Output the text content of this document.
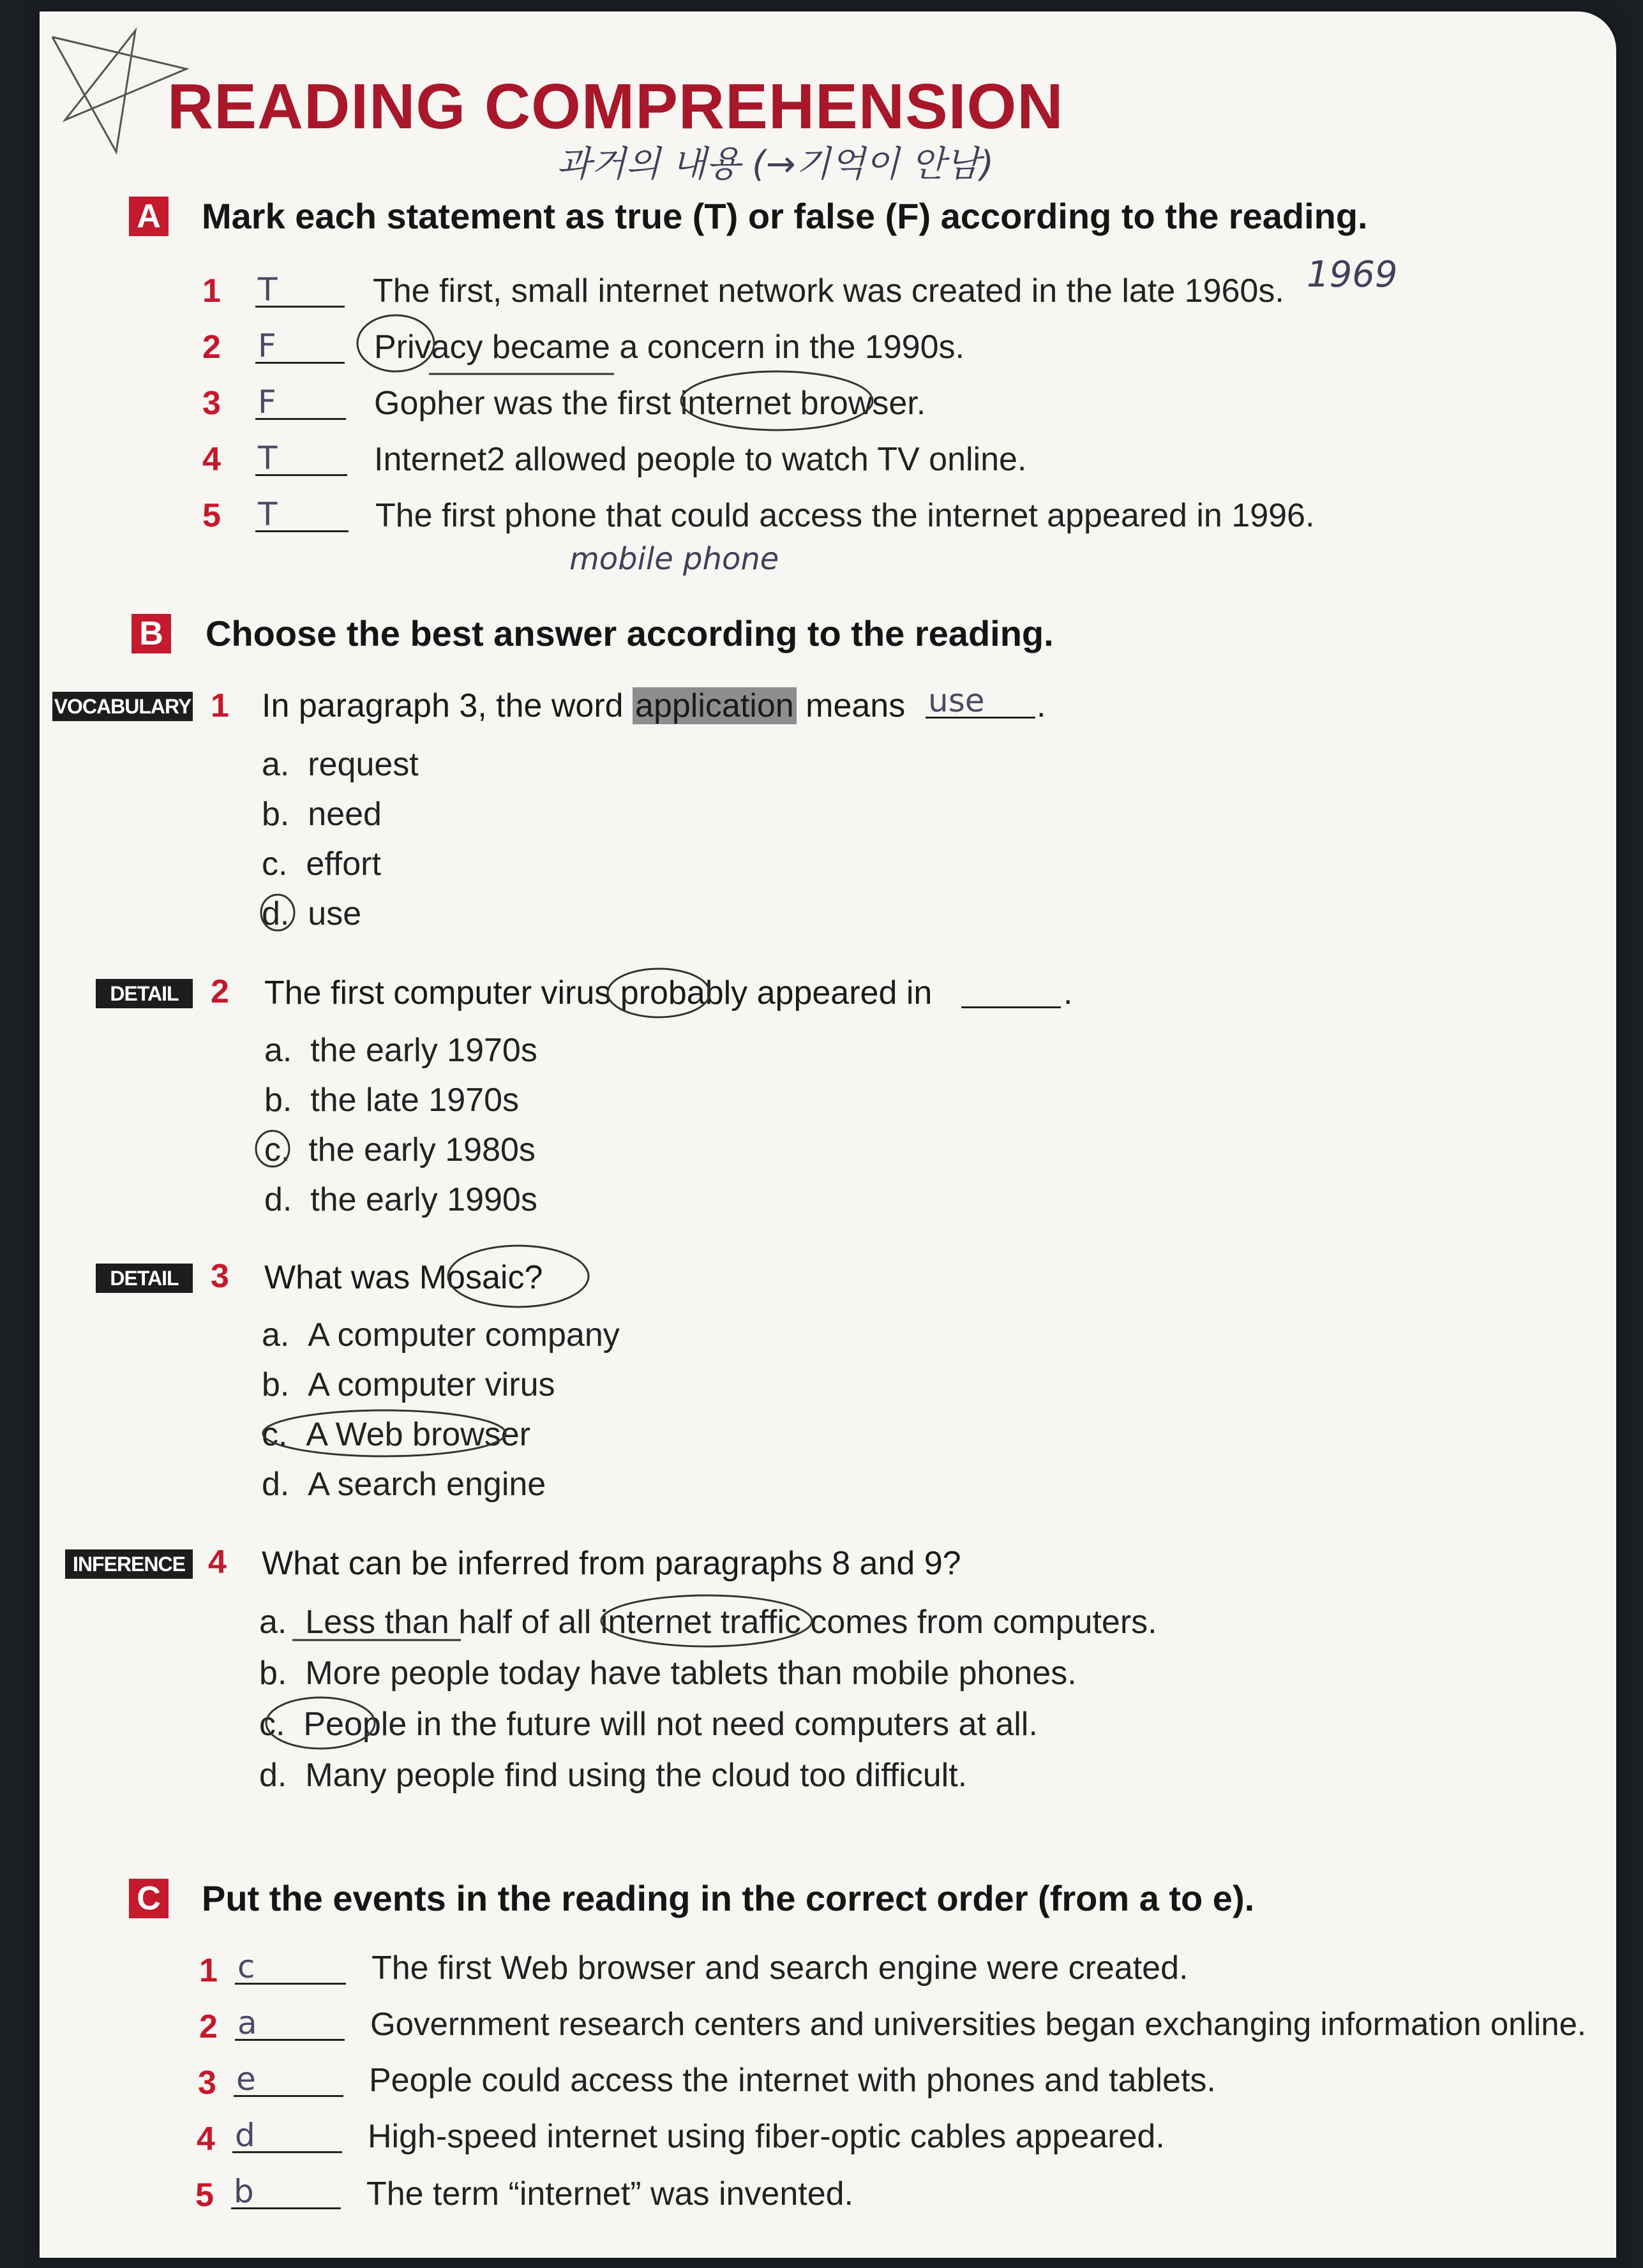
READING COMPREHENSION
과거의 내용 (→기억이 안남)
A Mark each statement as true (T) or false (F) according to the reading.
1 T	The first, small internet network was created in the late 1960s. 1969
2 F	Privacy became a concern in the 1990s.
3 F	Gopher was the first internet browser.
4 T	Internet2 allowed people to watch TV online.
5 T	The first phone that could access the internet appeared in 1996.
mobile phone
B Choose the best answer according to the reading.
VOCABULARY 1 In paragraph 3, the word application means use	.
a. request
b. need
c. effort
d. use
DETAIL 2 The first computer virus probably appeared in	.
a. the early 1970s
b. the late 1970s
c. the early 1980s
d. the early 1990s
DETAIL 3 What was Mosaic?
a. A computer company
b. A computer virus
c. A Web browser
d. A search engine
INFERENCE 4 What can be inferred from paragraphs 8 and 9?
a. Less than half of all internet traffic comes from computers.
b. More people today have tablets than mobile phones.
c. People in the future will not need computers at all.
d. Many people find using the cloud too difficult.
C Put the events in the reading in the correct order (from a to e).
1 c	The first Web browser and search engine were created.
2 a	Government research centers and universities began exchanging information online.
3 e	People could access the internet with phones and tablets.
4 d	High-speed internet using fiber-optic cables appeared.
5 b	The term “internet” was invented.
